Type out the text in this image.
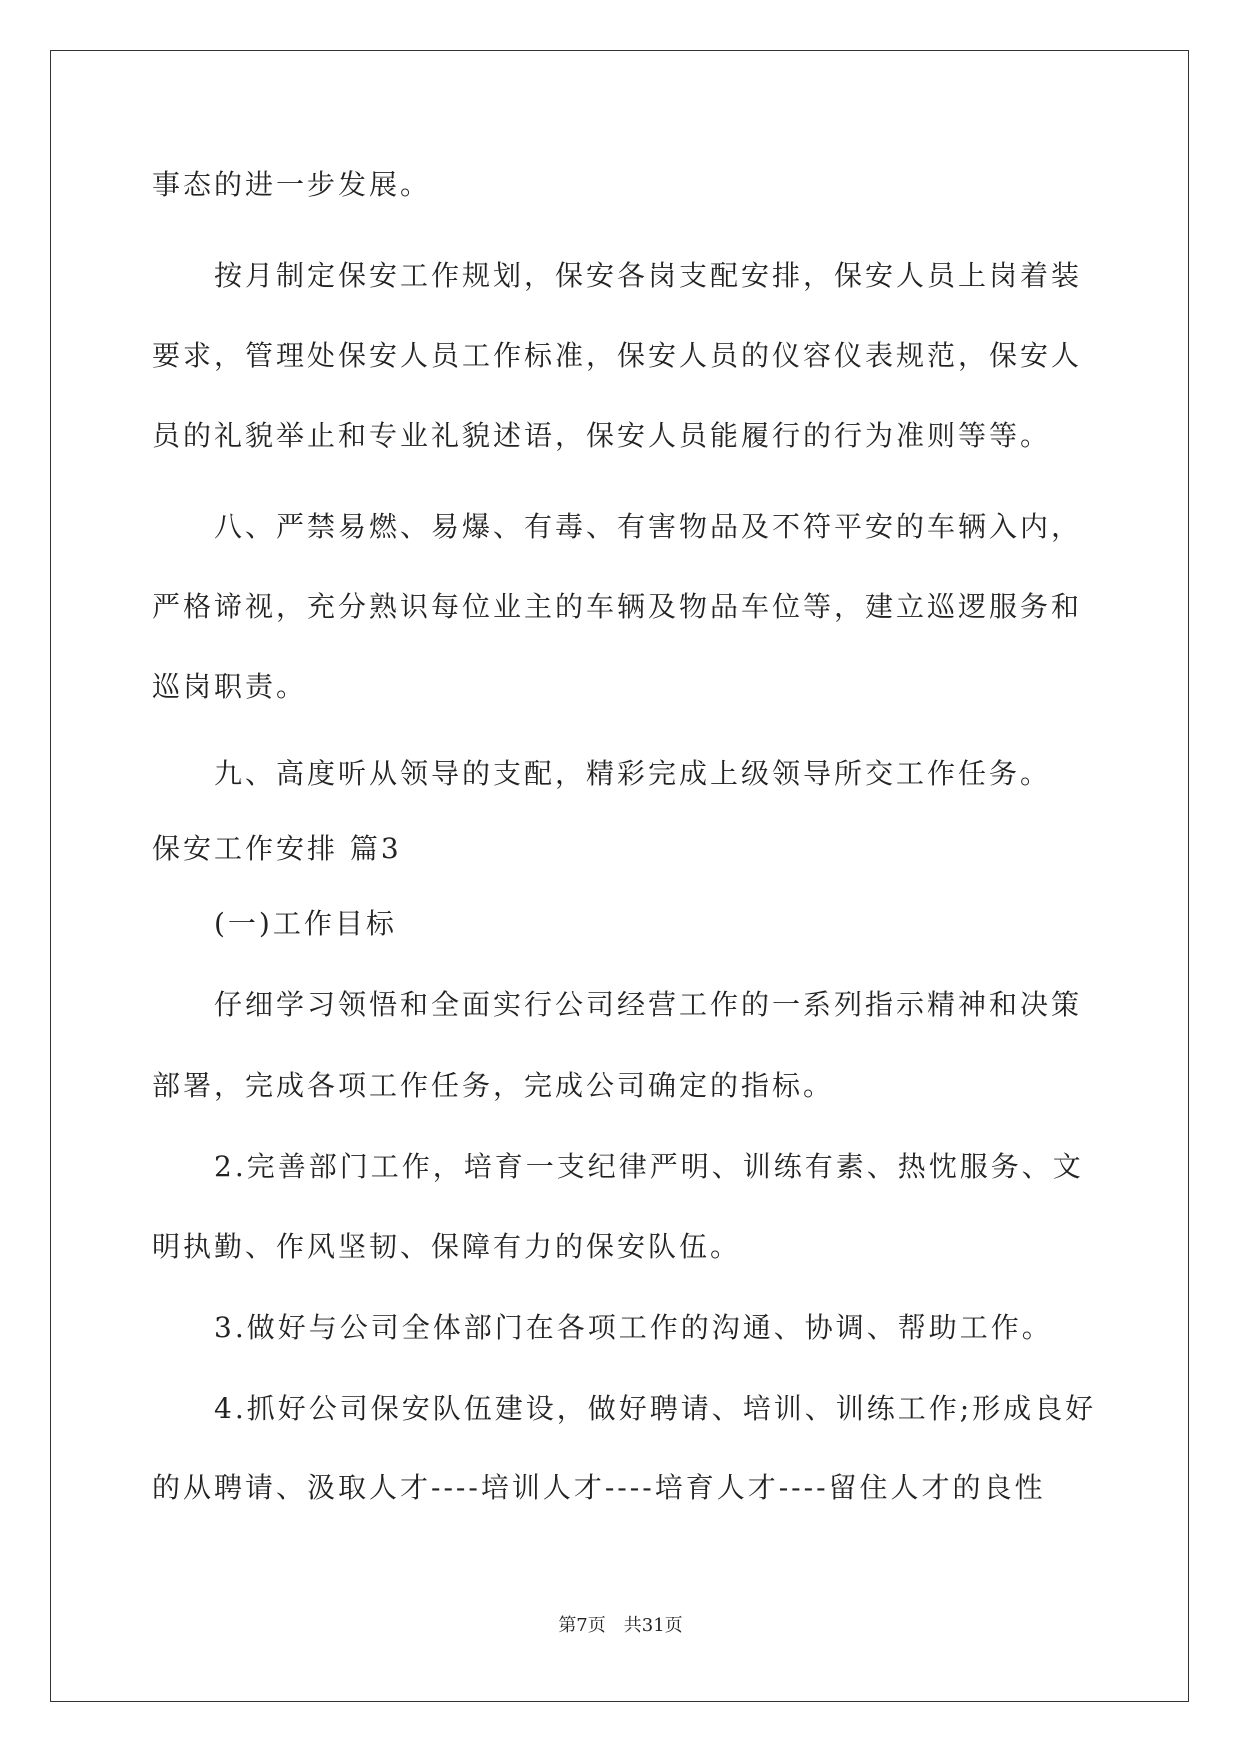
事态的进一步发展。

按月制定保安工作规划，保安各岗支配安排，保安人员上岗着装

要求，管理处保安人员工作标准，保安人员的仪容仪表规范，保安人

员的礼貌举止和专业礼貌述语，保安人员能履行的行为准则等等。

八、严禁易燃、易爆、有毒、有害物品及不符平安的车辆入内，

严格谛视，充分熟识每位业主的车辆及物品车位等，建立巡逻服务和

巡岗职责。

九、高度听从领导的支配，精彩完成上级领导所交工作任务。

保安工作安排 篇3

(一)工作目标

仔细学习领悟和全面实行公司经营工作的一系列指示精神和决策

部署，完成各项工作任务，完成公司确定的指标。

2.完善部门工作，培育一支纪律严明、训练有素、热忱服务、文

明执勤、作风坚韧、保障有力的保安队伍。

3.做好与公司全体部门在各项工作的沟通、协调、帮助工作。

4.抓好公司保安队伍建设，做好聘请、培训、训练工作;形成良好

的从聘请、汲取人才----培训人才----培育人才----留住人才的良性

第7页　共31页
